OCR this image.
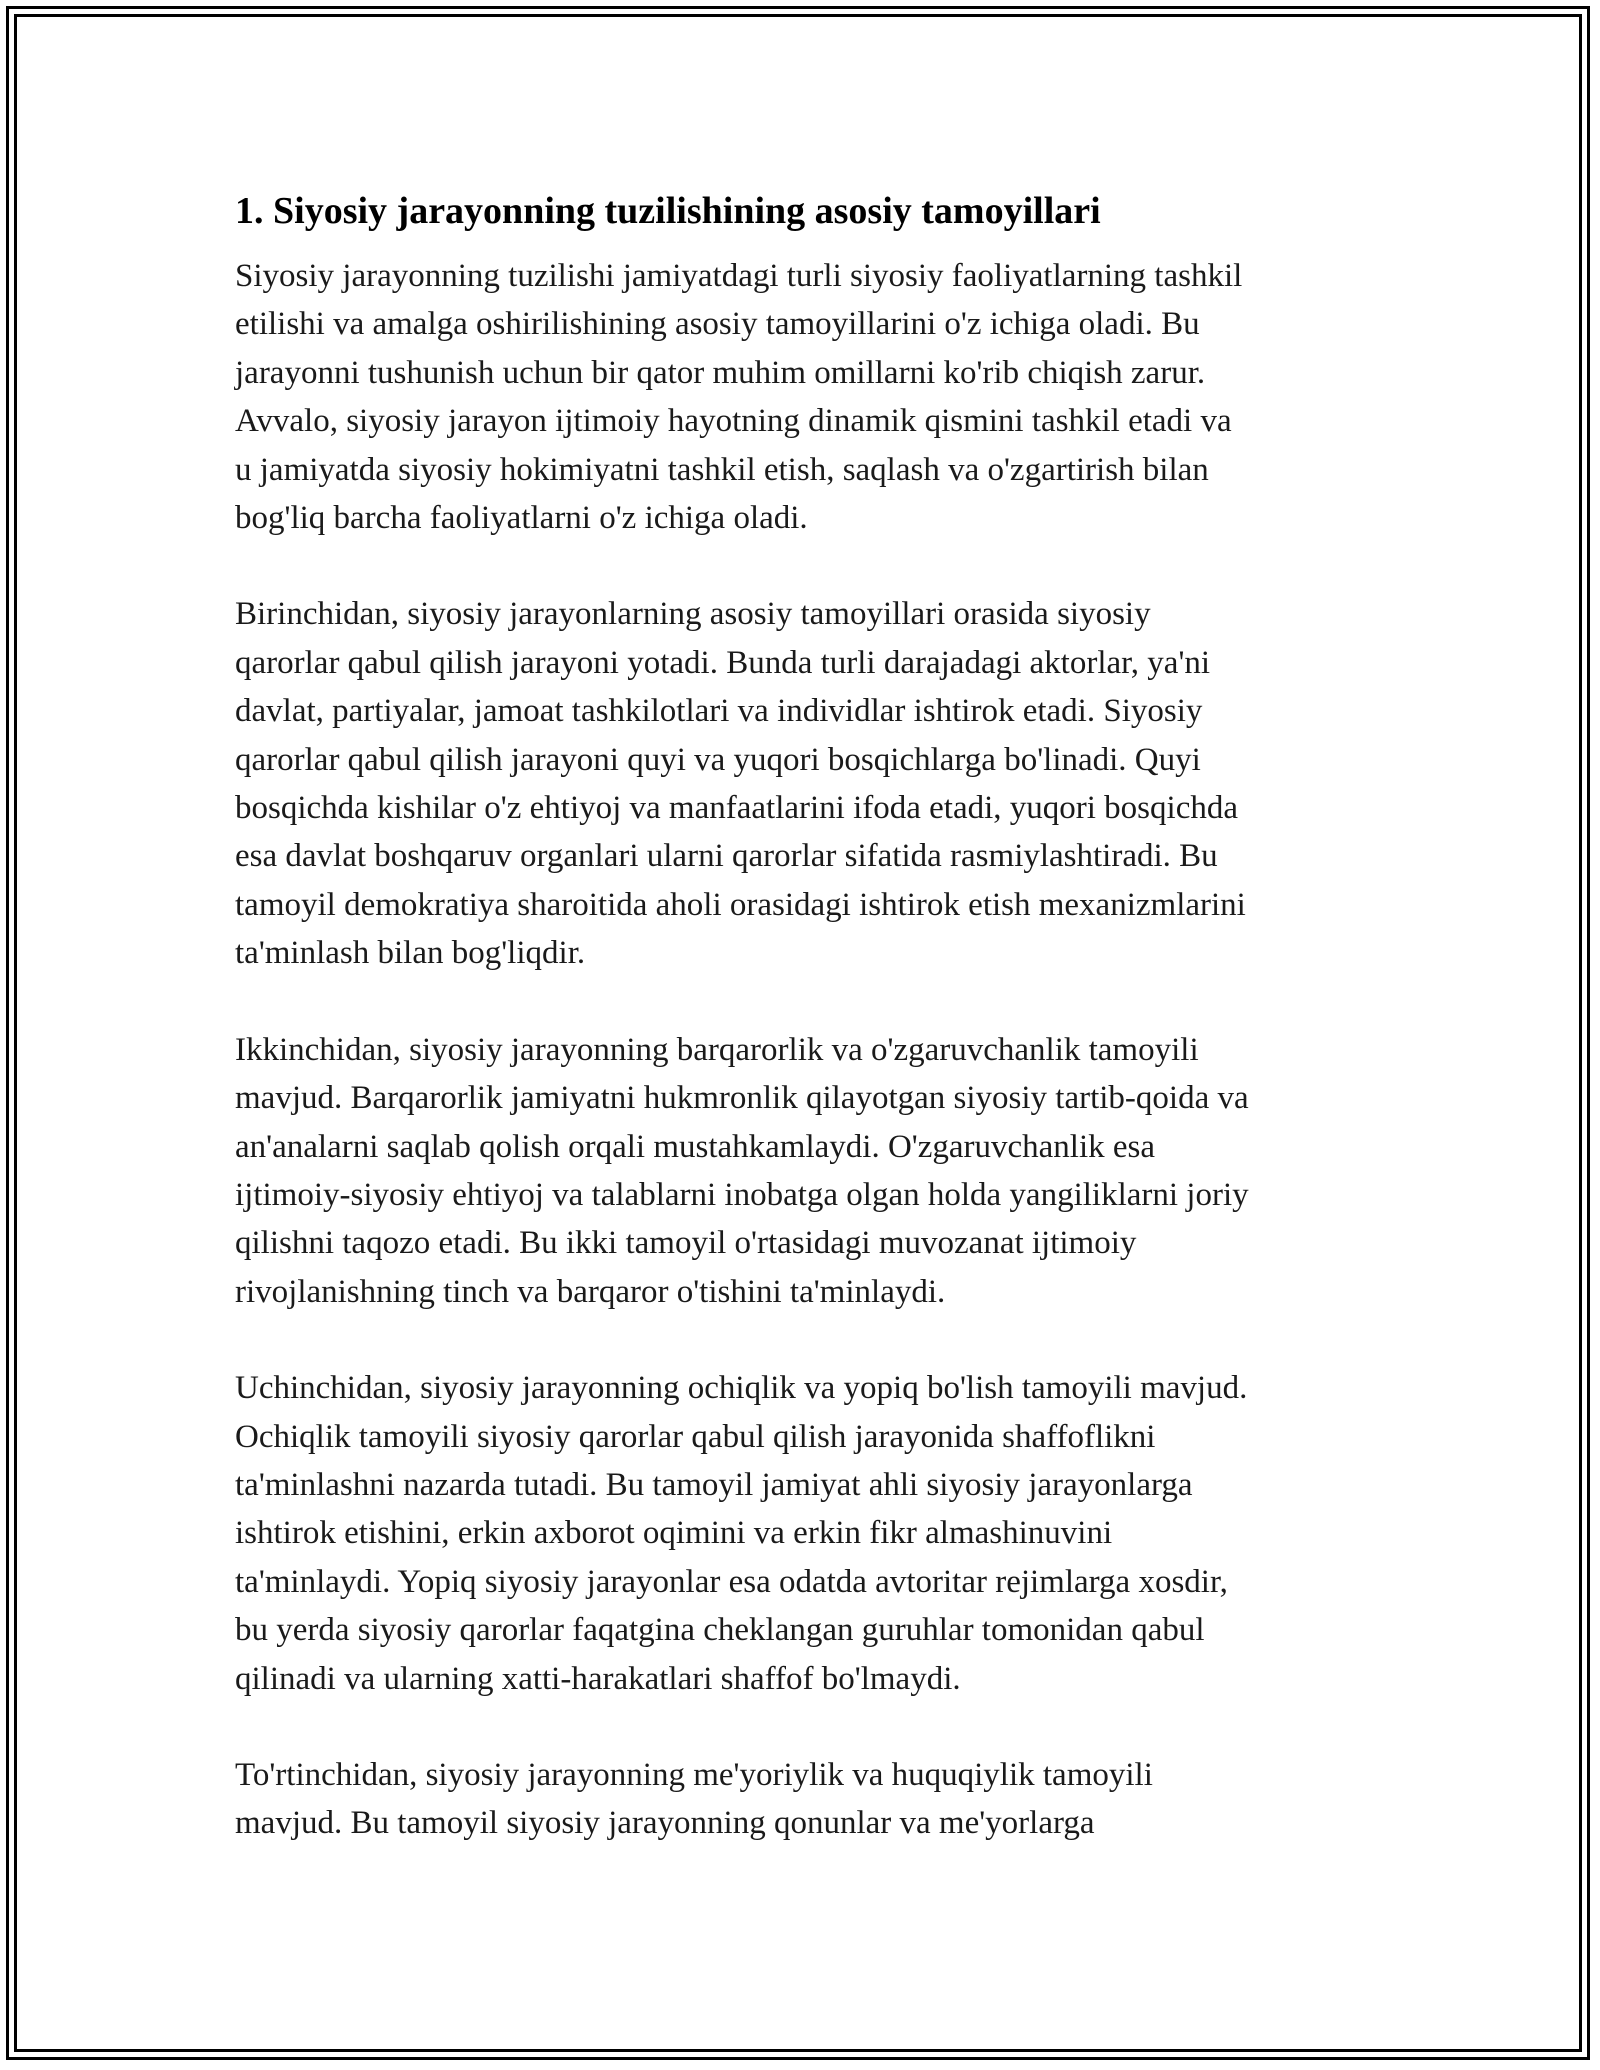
1. Siyosiy jarayonning tuzilishining asosiy tamoyillari

Siyosiy jarayonning tuzilishi jamiyatdagi turli siyosiy faoliyatlarning tashkil
etilishi va amalga oshirilishining asosiy tamoyillarini o'z ichiga oladi. Bu
jarayonni tushunish uchun bir qator muhim omillarni ko'rib chiqish zarur.
Avvalo, siyosiy jarayon ijtimoiy hayotning dinamik qismini tashkil etadi va
u jamiyatda siyosiy hokimiyatni tashkil etish, saqlash va o'zgartirish bilan
bog'liq barcha faoliyatlarni o'z ichiga oladi.

Birinchidan, siyosiy jarayonlarning asosiy tamoyillari orasida siyosiy
qarorlar qabul qilish jarayoni yotadi. Bunda turli darajadagi aktorlar, ya'ni
davlat, partiyalar, jamoat tashkilotlari va individlar ishtirok etadi. Siyosiy
qarorlar qabul qilish jarayoni quyi va yuqori bosqichlarga bo'linadi. Quyi
bosqichda kishilar o'z ehtiyoj va manfaatlarini ifoda etadi, yuqori bosqichda
esa davlat boshqaruv organlari ularni qarorlar sifatida rasmiylashtiradi. Bu
tamoyil demokratiya sharoitida aholi orasidagi ishtirok etish mexanizmlarini
ta'minlash bilan bog'liqdir.

Ikkinchidan, siyosiy jarayonning barqarorlik va o'zgaruvchanlik tamoyili
mavjud. Barqarorlik jamiyatni hukmronlik qilayotgan siyosiy tartib-qoida va
an'analarni saqlab qolish orqali mustahkamlaydi. O'zgaruvchanlik esa
ijtimoiy-siyosiy ehtiyoj va talablarni inobatga olgan holda yangiliklarni joriy
qilishni taqozo etadi. Bu ikki tamoyil o'rtasidagi muvozanat ijtimoiy
rivojlanishning tinch va barqaror o'tishini ta'minlaydi.

Uchinchidan, siyosiy jarayonning ochiqlik va yopiq bo'lish tamoyili mavjud.
Ochiqlik tamoyili siyosiy qarorlar qabul qilish jarayonida shaffoflikni
ta'minlashni nazarda tutadi. Bu tamoyil jamiyat ahli siyosiy jarayonlarga
ishtirok etishini, erkin axborot oqimini va erkin fikr almashinuvini
ta'minlaydi. Yopiq siyosiy jarayonlar esa odatda avtoritar rejimlarga xosdir,
bu yerda siyosiy qarorlar faqatgina cheklangan guruhlar tomonidan qabul
qilinadi va ularning xatti-harakatlari shaffof bo'lmaydi.

To'rtinchidan, siyosiy jarayonning me'yoriylik va huquqiylik tamoyili
mavjud. Bu tamoyil siyosiy jarayonning qonunlar va me'yorlarga
